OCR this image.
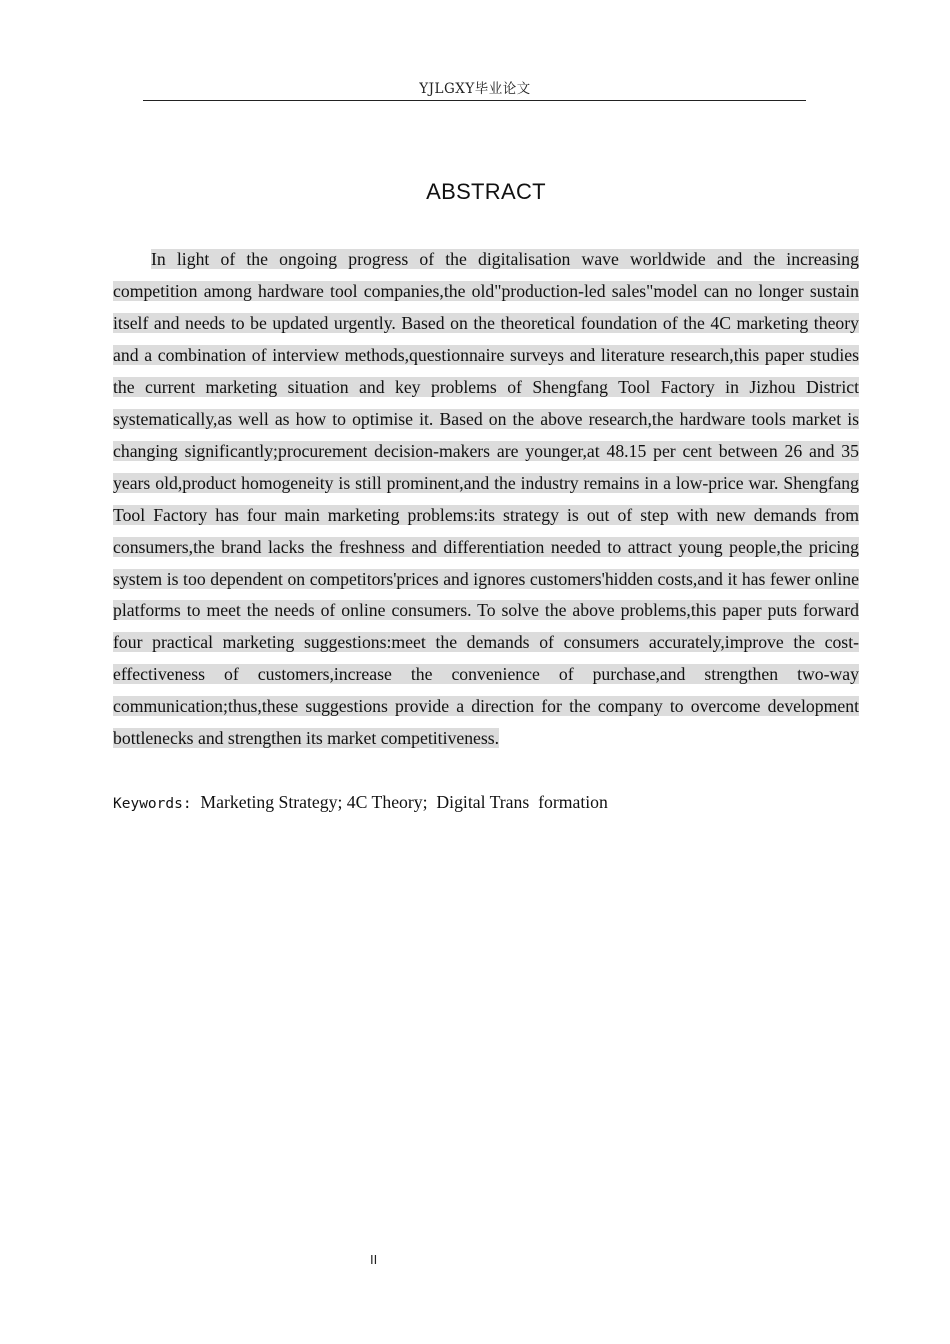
YJLGXY毕业论文
ABSTRACT

In light of the ongoing progress of the digitalisation wave worldwide and the increasing competition among hardware tool companies,the old"production-led sales"model can no longer sustain itself and needs to be updated urgently. Based on the theoretical foundation of the 4C marketing theory and a combination of interview methods,questionnaire surveys and literature research,this paper studies the current marketing situation and key problems of Shengfang Tool Factory in Jizhou District systematically,as well as how to optimise it. Based on the above research,the hardware tools market is changing significantly;procurement decision-makers are younger,at 48.15 per cent between 26 and 35 years old,product homogeneity is still prominent,and the industry remains in a low-price war. Shengfang Tool Factory has four main marketing problems:its strategy is out of step with new demands from consumers,the brand lacks the freshness and differentiation needed to attract young people,the pricing system is too dependent on competitors'prices and ignores customers'hidden costs,and it has fewer online platforms to meet the needs of online consumers. To solve the above problems,this paper puts forward four practical marketing suggestions:meet the demands of consumers accurately,improve the cost-effectiveness of customers,increase the convenience of purchase,and strengthen two-way communication;thus,these suggestions provide a direction for the company to overcome development bottlenecks and strengthen its market competitiveness.

Keywords: Marketing Strategy; 4C Theory;  Digital Trans  formation
II
